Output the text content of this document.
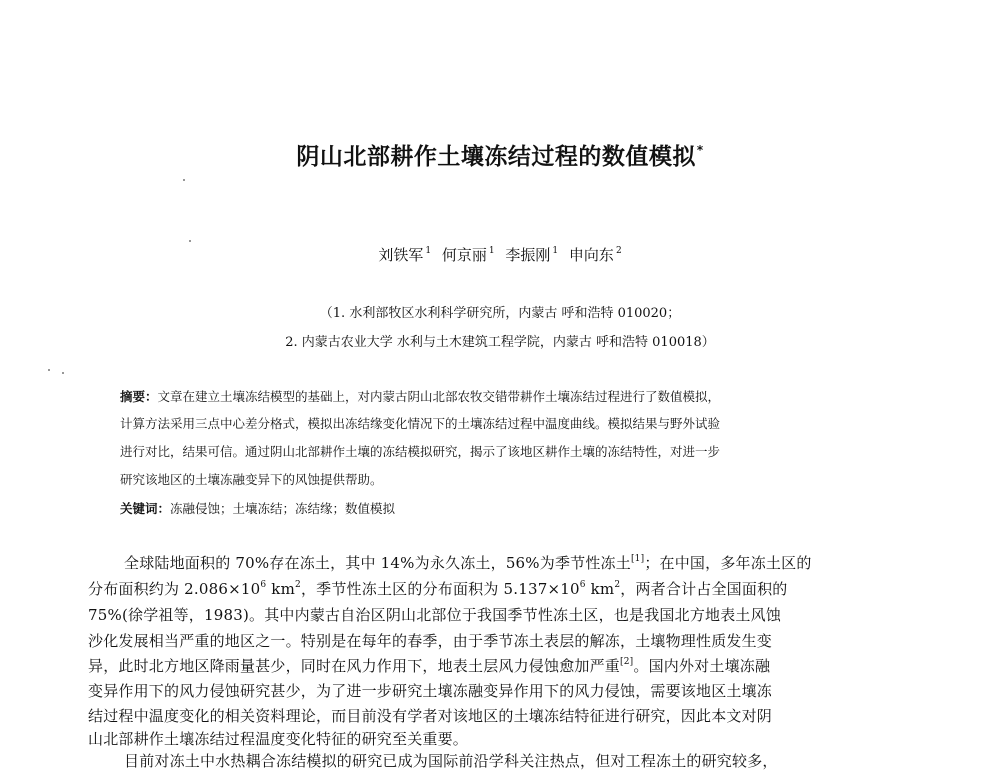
阴山北部耕作土壤冻结过程的数值模拟*
刘铁军 $^1$ 何京丽 $^1$ 李振刚 $^1$ 申向东 $^2$
（1. 水利部牧区水利科学研究所，内蒙古 呼和浩特 010020；
2. 内蒙古农业大学 水利与土木建筑工程学院，内蒙古 呼和浩特 010018）
摘要：文章在建立土壤冻结模型的基础上，对内蒙古阴山北部农牧交错带耕作土壤冻结过程进行了数值模拟，
计算方法采用三点中心差分格式，模拟出冻结缘变化情况下的土壤冻结过程中温度曲线。模拟结果与野外试验
进行对比，结果可信。通过阴山北部耕作土壤的冻结模拟研究，揭示了该地区耕作土壤的冻结特性，对进一步
研究该地区的土壤冻融变异下的风蚀提供帮助。
关键词：冻融侵蚀；土壤冻结；冻结缘；数值模拟
全球陆地面积的 70%存在冻土，其中 14%为永久冻土，56%为季节性冻土[1]；在中国，多年冻土区的
分布面积约为 $2.086\times 10^6$ $km^2$，季节性冻土区的分布面积为 $5.137\times 10^6$ $km^2$，两者合计占全国面积的
75%(徐学祖等，1983)。其中内蒙古自治区阴山北部位于我国季节性冻土区，也是我国北方地表土风蚀
沙化发展相当严重的地区之一。特别是在每年的春季，由于季节冻土表层的解冻，土壤物理性质发生变
异，此时北方地区降雨量甚少，同时在风力作用下，地表土层风力侵蚀愈加严重[2]。国内外对土壤冻融
变异作用下的风力侵蚀研究甚少，为了进一步研究土壤冻融变异作用下的风力侵蚀，需要该地区土壤冻
结过程中温度变化的相关资料理论，而目前没有学者对该地区的土壤冻结特征进行研究，因此本文对阴
山北部耕作土壤冻结过程温度变化特征的研究至关重要。
目前对冻土中水热耦合冻结模拟的研究已成为国际前沿学科关注热点，但对工程冻土的研究较多，
